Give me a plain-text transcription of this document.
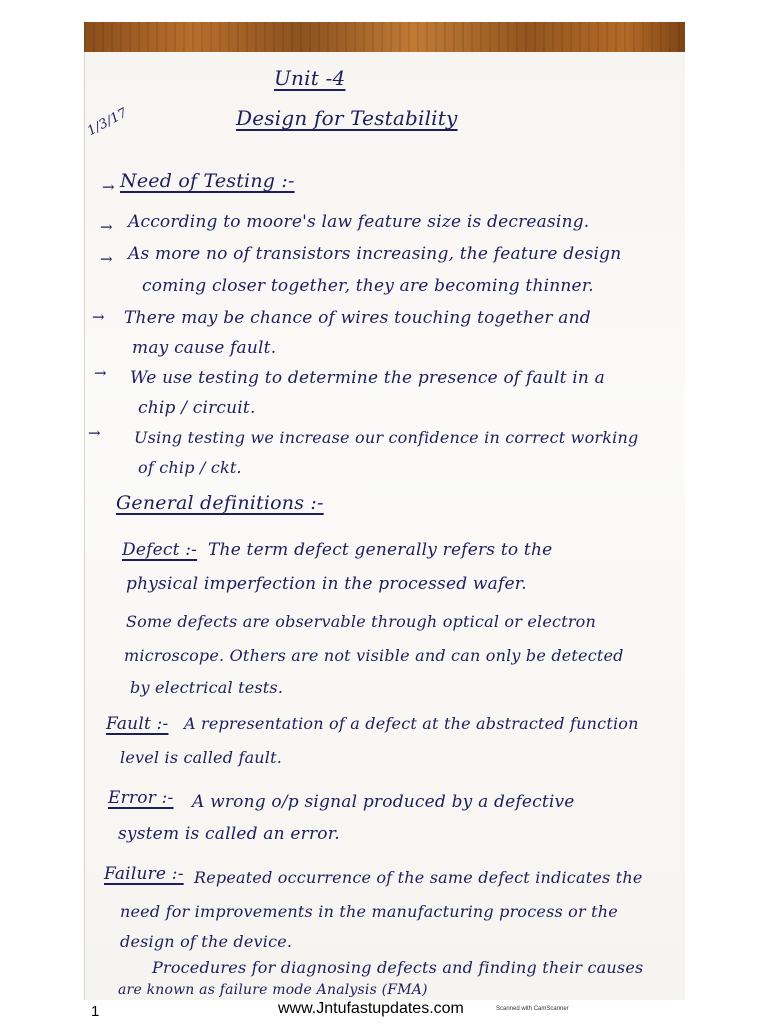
1/3/17
Unit -4
Design for Testability
→ Need of Testing :-
→ According to moore's law feature size is decreasing.
→ As more no of transistors increasing, the feature design
coming closer together, they are becoming thinner.
→ There may be chance of wires touching together and
may cause fault.
→ We use testing to determine the presence of fault in a
chip / circuit.
→ Using testing we increase our confidence in correct working
of chip / ckt.
General definitions :-
Defect :- The term defect generally refers to the
physical imperfection in the processed wafer.
Some defects are observable through optical or electron
microscope. Others are not visible and can only be detected
by electrical tests.
Fault :- A representation of a defect at the abstracted function
level is called fault.
Error :- A wrong o/p signal produced by a defective
system is called an error.
Failure :- Repeated occurrence of the same defect indicates the
need for improvements in the manufacturing process or the
design of the device.
Procedures for diagnosing defects and finding their causes
are known as failure mode Analysis (FMA)
1	www.Jntufastupdates.com	Scanned with CamScanner
